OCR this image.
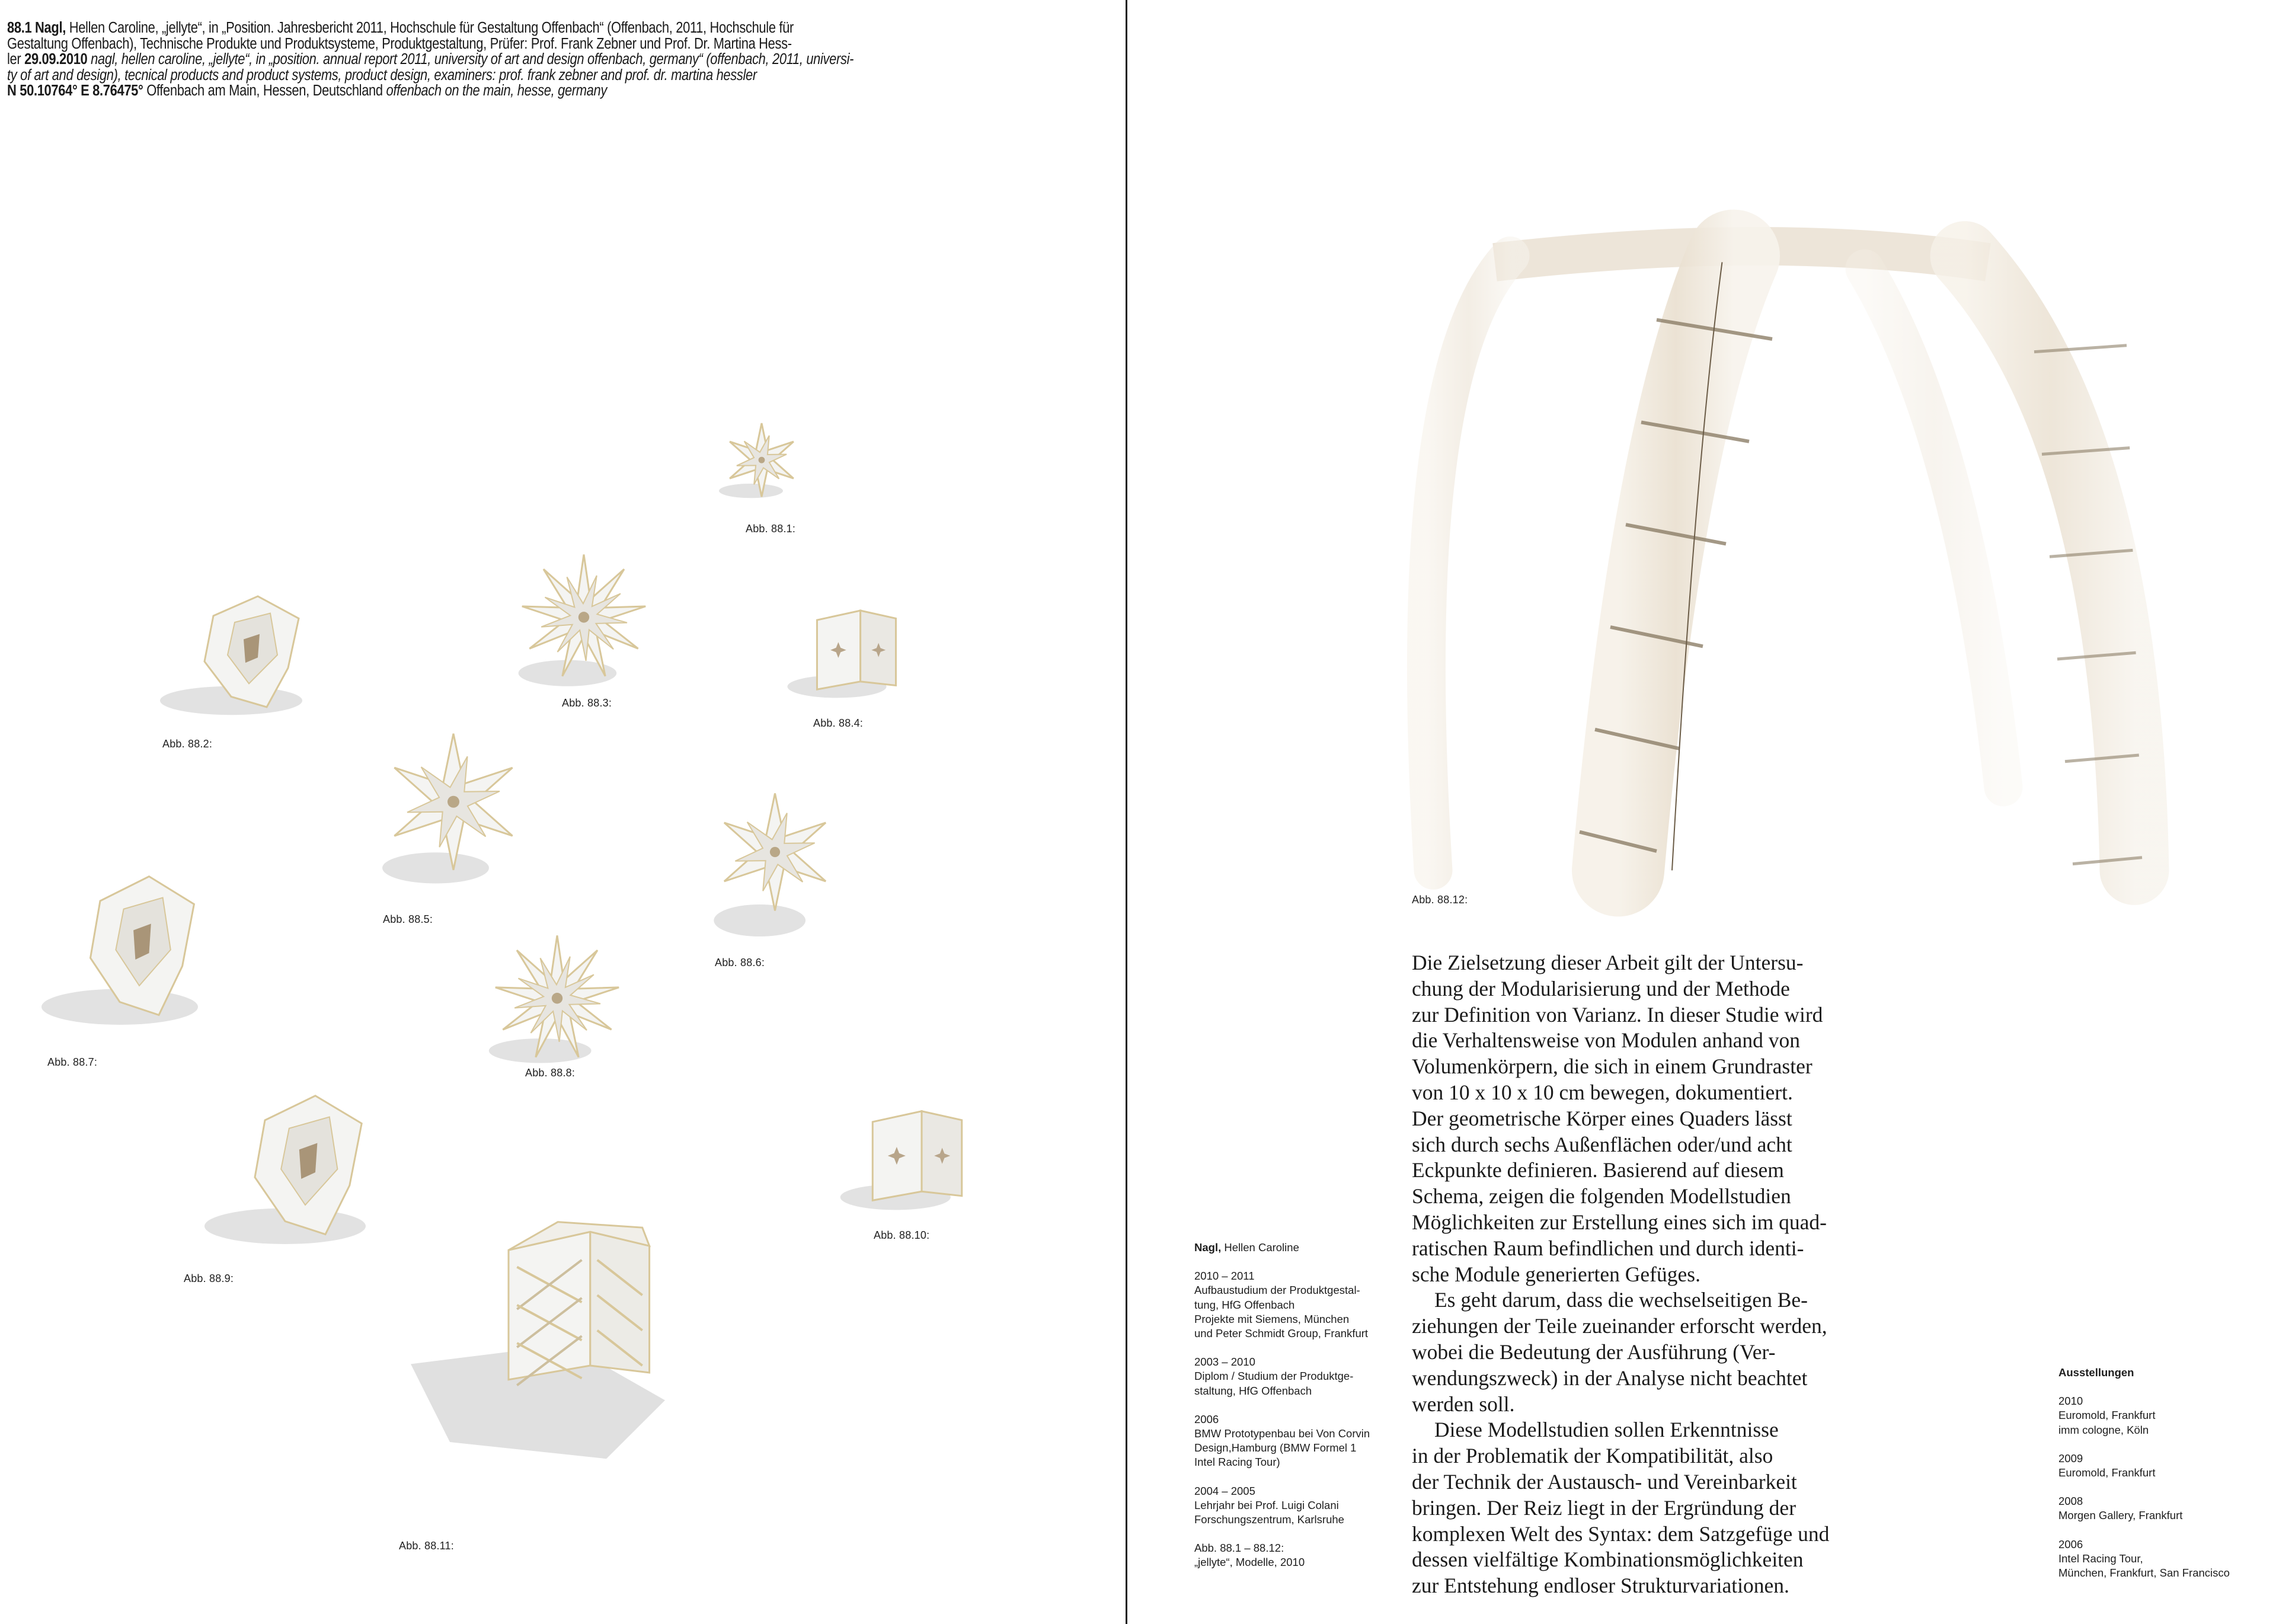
88.1 Nagl, Hellen Caroline, „jellyte“, in „Position. Jahresbericht 2011, Hochschule für Gestaltung Offenbach“ (Offenbach, 2011, Hochschule für
Gestaltung Offenbach), Technische Produkte und Produktsysteme, Produktgestaltung, Prüfer: Prof. Frank Zebner und Prof. Dr. Martina Hess-
ler 29.09.2010 nagl, hellen caroline, „jellyte“, in „position. annual report 2011, university of art and design offenbach, germany“ (offenbach, 2011, universi-
ty of art and design), tecnical products and product systems, product design, examiners: prof. frank zebner and prof. dr. martina hessler
N 50.10764° E 8.76475° Offenbach am Main, Hessen, Deutschland offenbach on the main, hesse, germany
Abb. 88.1:
Abb. 88.2:
Abb. 88.3:
Abb. 88.4:
Abb. 88.5:
Abb. 88.6:
Abb. 88.7:
Abb. 88.8:
Abb. 88.9:
Abb. 88.10:
Abb. 88.11:
Abb. 88.12:
Die Zielsetzung dieser Arbeit gilt der Untersu-
chung der Modularisierung und der Methode
zur Definition von Varianz. In dieser Studie wird
die Verhaltensweise von Modulen anhand von
Volumenkörpern, die sich in einem Grundraster
von 10 x 10 x 10 cm bewegen, dokumentiert.
Der geometrische Körper eines Quaders lässt
sich durch sechs Außenflächen oder/und acht
Eckpunkte definieren. Basierend auf diesem
Schema, zeigen die folgenden Modellstudien
Möglichkeiten zur Erstellung eines sich im quad-
ratischen Raum befindlichen und durch identi-
sche Module generierten Gefüges.
Es geht darum, dass die wechselseitigen Be-
ziehungen der Teile zueinander erforscht werden,
wobei die Bedeutung der Ausführung (Ver-
wendungszweck) in der Analyse nicht beachtet
werden soll.
Diese Modellstudien sollen Erkenntnisse
in der Problematik der Kompatibilität, also
der Technik der Austausch- und Vereinbarkeit
bringen. Der Reiz liegt in der Ergründung der
komplexen Welt des Syntax: dem Satzgefüge und
dessen vielfältige Kombinationsmöglichkeiten
zur Entstehung endloser Strukturvariationen.
Nagl, Hellen Caroline
2010 – 2011
Aufbaustudium der Produktgestal-
tung, HfG Offenbach
Projekte mit Siemens, München
und Peter Schmidt Group, Frankfurt
2003 – 2010
Diplom / Studium der Produktge-
staltung, HfG Offenbach
2006
BMW Prototypenbau bei Von Corvin
Design,Hamburg (BMW Formel 1
Intel Racing Tour)
2004 – 2005
Lehrjahr bei Prof. Luigi Colani
Forschungszentrum, Karlsruhe
Abb. 88.1 – 88.12:
„jellyte“, Modelle, 2010
Ausstellungen
2010
Euromold, Frankfurt
imm cologne, Köln
2009
Euromold, Frankfurt
2008
Morgen Gallery, Frankfurt
2006
Intel Racing Tour,
München, Frankfurt, San Francisco
